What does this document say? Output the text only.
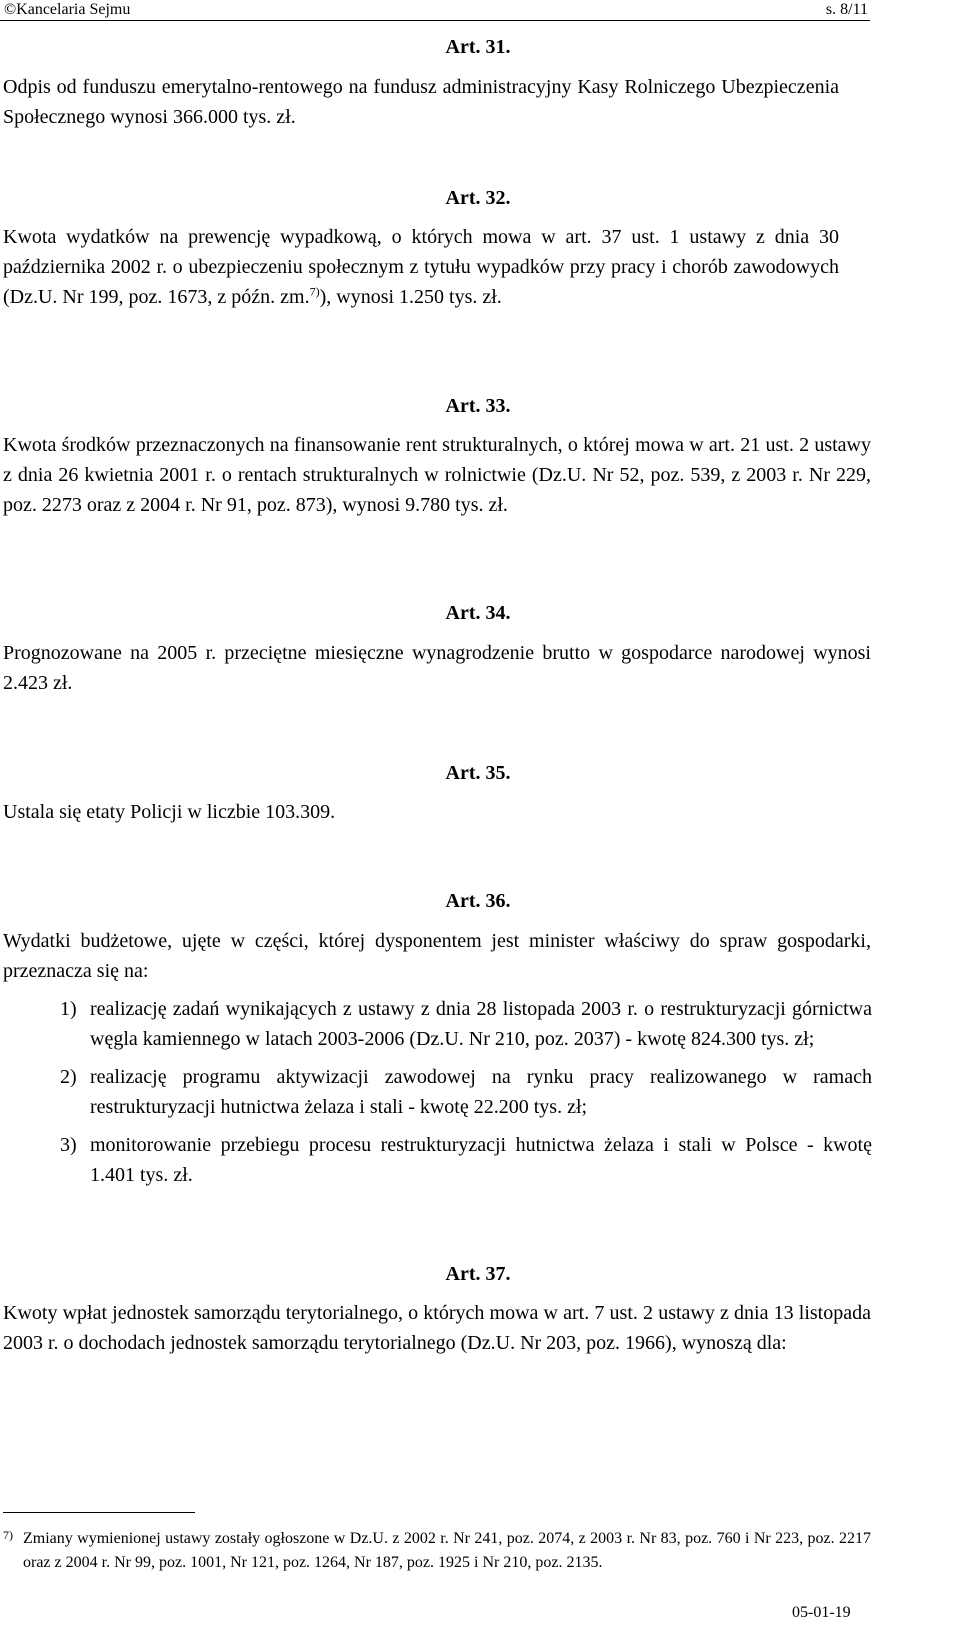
©Kancelaria Sejmu	s. 8/11
Art. 31.
Odpis od funduszu emerytalno-rentowego na fundusz administracyjny Kasy Rolniczego Ubezpieczenia Społecznego wynosi 366.000 tys. zł.
Art. 32.
Kwota wydatków na prewencję wypadkową, o których mowa w art. 37 ust. 1 ustawy z dnia 30 października 2002 r. o ubezpieczeniu społecznym z tytułu wypadków przy pracy i chorób zawodowych (Dz.U. Nr 199, poz. 1673, z późn. zm.$^{7)}$), wynosi 1.250 tys. zł.
Art. 33.
Kwota środków przeznaczonych na finansowanie rent strukturalnych, o której mowa w art. 21 ust. 2 ustawy z dnia 26 kwietnia 2001 r. o rentach strukturalnych w rolnictwie (Dz.U. Nr 52, poz. 539, z 2003 r. Nr 229, poz. 2273 oraz z 2004 r. Nr 91, poz. 873), wynosi 9.780 tys. zł.
Art. 34.
Prognozowane na 2005 r. przeciętne miesięczne wynagrodzenie brutto w gospodarce narodowej wynosi 2.423 zł.
Art. 35.
Ustala się etaty Policji w liczbie 103.309.
Art. 36.
Wydatki budżetowe, ujęte w części, której dysponentem jest minister właściwy do spraw gospodarki, przeznacza się na:
1) realizację zadań wynikających z ustawy z dnia 28 listopada 2003 r. o restrukturyzacji górnictwa węgla kamiennego w latach 2003-2006 (Dz.U. Nr 210, poz. 2037) - kwotę 824.300 tys. zł;
2) realizację programu aktywizacji zawodowej na rynku pracy realizowanego w ramach restrukturyzacji hutnictwa żelaza i stali - kwotę 22.200 tys. zł;
3) monitorowanie przebiegu procesu restrukturyzacji hutnictwa żelaza i stali w Polsce - kwotę 1.401 tys. zł.
Art. 37.
Kwoty wpłat jednostek samorządu terytorialnego, o których mowa w art. 7 ust. 2 ustawy z dnia 13 listopada 2003 r. o dochodach jednostek samorządu terytorialnego (Dz.U. Nr 203, poz. 1966), wynoszą dla:
7) Zmiany wymienionej ustawy zostały ogłoszone w Dz.U. z 2002 r. Nr 241, poz. 2074, z 2003 r. Nr 83, poz. 760 i Nr 223, poz. 2217 oraz z 2004 r. Nr 99, poz. 1001, Nr 121, poz. 1264, Nr 187, poz. 1925 i Nr 210, poz. 2135.
05-01-19
